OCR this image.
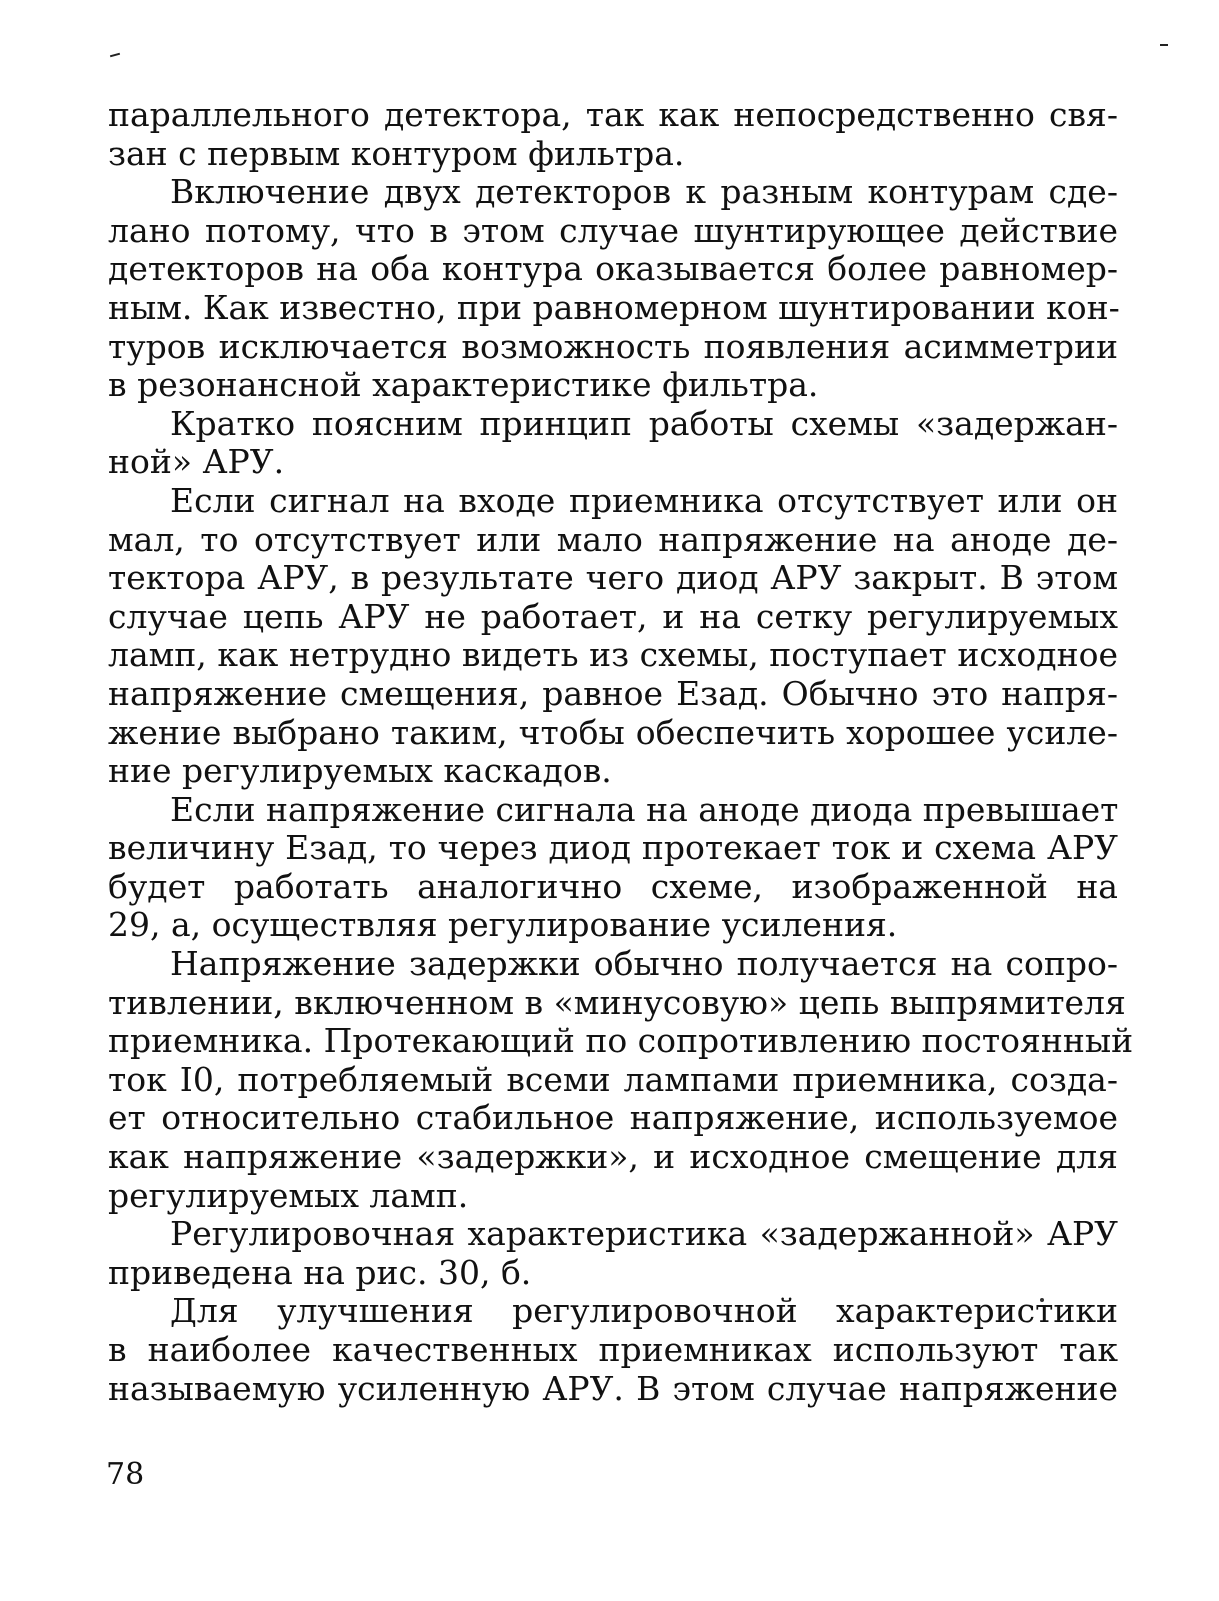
параллельного детектора, так как непосредственно свя-
зан с первым контуром фильтра.
Включение двух детекторов к разным контурам сде-
лано потому, что в этом случае шунтирующее действие
детекторов на оба контура оказывается более равномер-
ным. Как известно, при равномерном шунтировании кон-
туров исключается возможность появления асимметрии
в резонансной характеристике фильтра.
Кратко поясним принцип работы схемы «задержан-
ной» АРУ.
Если сигнал на входе приемника отсутствует или он
мал, то отсутствует или мало напряжение на аноде де-
тектора АРУ, в результате чего диод АРУ закрыт. В этом
случае цепь АРУ не работает, и на сетку регулируемых
ламп, как нетрудно видеть из схемы, поступает исходное
напряжение смещения, равное Eзад. Обычно это напря-
жение выбрано таким, чтобы обеспечить хорошее усиле-
ние регулируемых каскадов.
Если напряжение сигнала на аноде диода превышает
величину Eзад, то через диод протекает ток и схема АРУ
будет работать аналогично схеме, изображенной на
29, а, осуществляя регулирование усиления.
Напряжение задержки обычно получается на сопро-
тивлении, включенном в «минусовую» цепь выпрямителя
приемника. Протекающий по сопротивлению постоянный
ток I0, потребляемый всеми лампами приемника, созда-
ет относительно стабильное напряжение, используемое
как напряжение «задержки», и исходное смещение для
регулируемых ламп.
Регулировочная характеристика «задержанной» АРУ
приведена на рис. 30, б.
Для улучшения регулировочной характеристики
в наиболее качественных приемниках используют так
называемую усиленную АРУ. В этом случае напряжение
78
